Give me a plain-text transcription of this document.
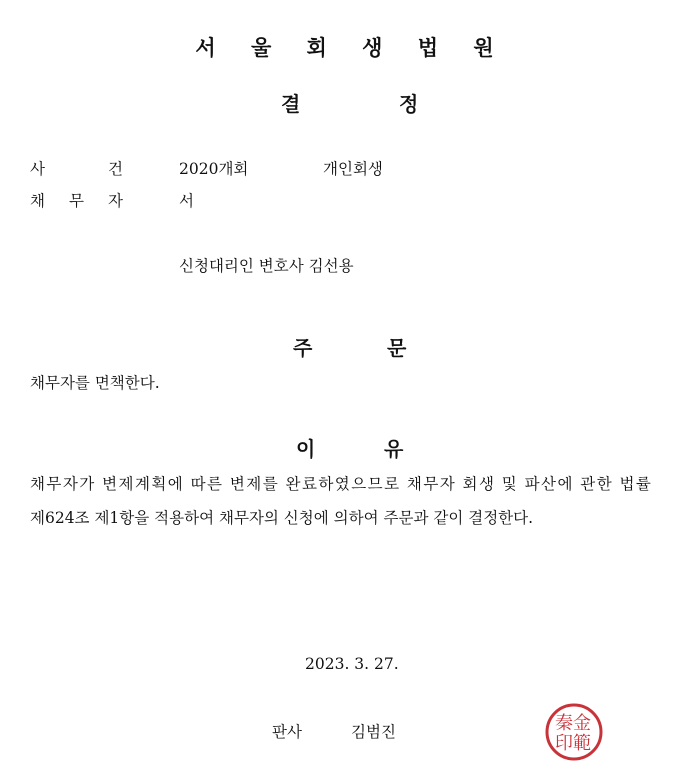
서 울 회 생 법 원
결	정
사	건	2020개회	개인회생
채 무 자	서
신청대리인 변호사 김선용
주	문
채무자를 면책한다.
이	유
채무자가 변제계획에 따른 변제를 완료하였으므로 채무자 회생 및 파산에 관한 법률
제624조 제1항을 적용하여 채무자의 신청에 의하여 주문과 같이 결정한다.
2023. 3. 27.
판사	김범진	金
範
秦
印
